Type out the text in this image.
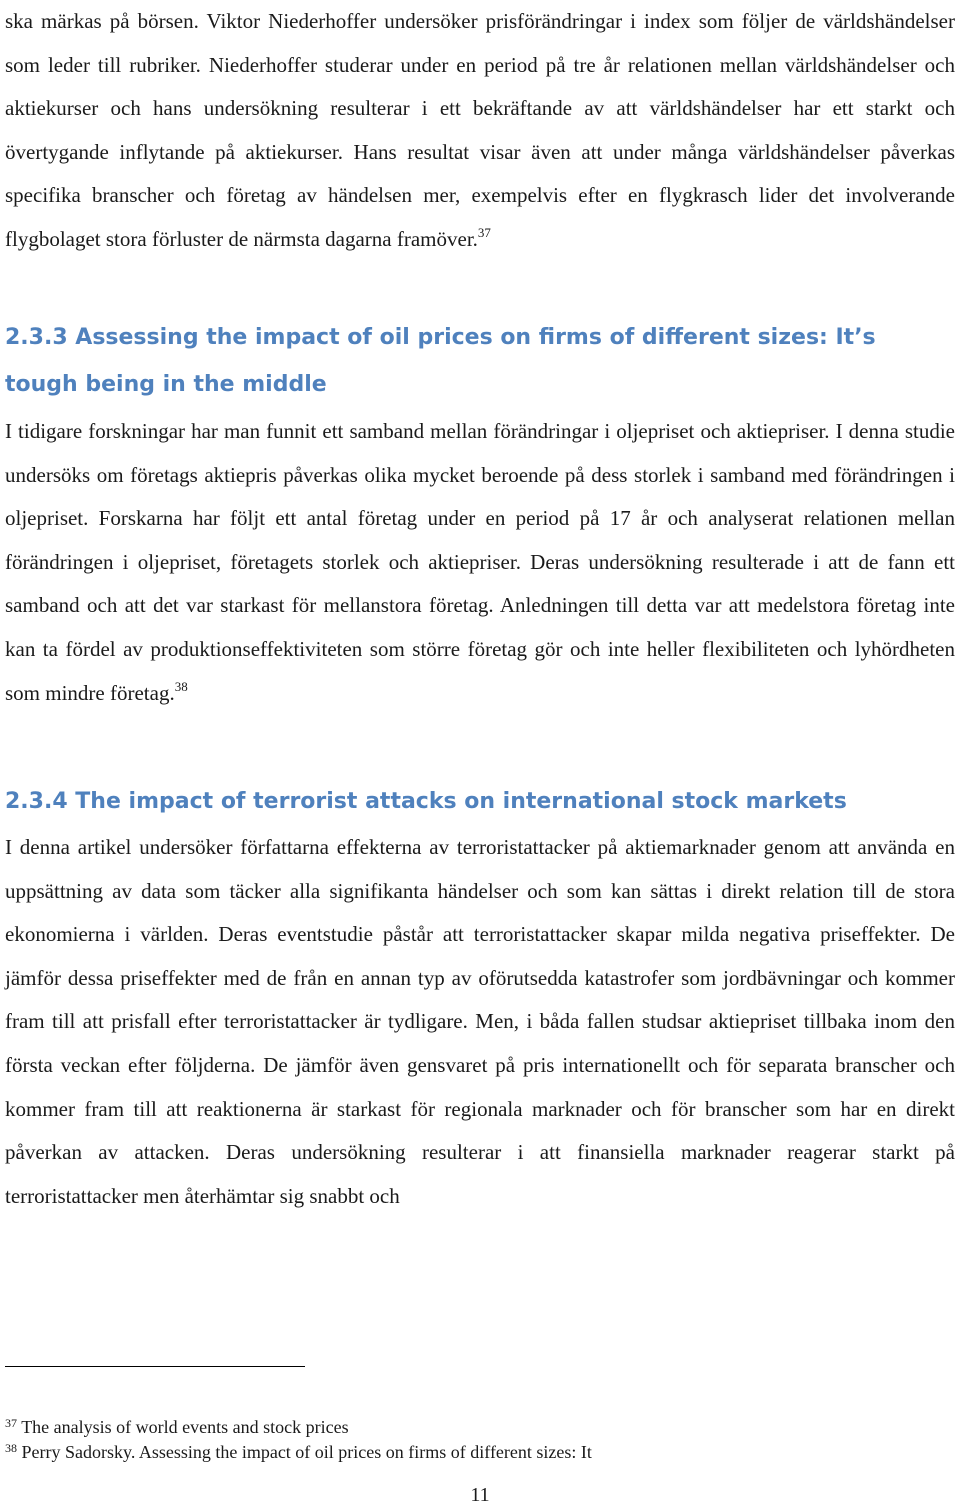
ska märkas på börsen. Viktor Niederhoffer undersöker prisförändringar i index som följer de världshändelser som leder till rubriker. Niederhoffer studerar under en period på tre år relationen mellan världshändelser och aktiekurser och hans undersökning resulterar i ett bekräftande av att världshändelser har ett starkt och övertygande inflytande på aktiekurser. Hans resultat visar även att under många världshändelser påverkas specifika branscher och företag av händelsen mer, exempelvis efter en flygkrasch lider det involverande flygbolaget stora förluster de närmsta dagarna framöver.$^{37}$

2.3.3 Assessing the impact of oil prices on firms of different sizes: It’s tough being in the middle

I tidigare forskningar har man funnit ett samband mellan förändringar i oljepriset och aktiepriser. I denna studie undersöks om företags aktiepris påverkas olika mycket beroende på dess storlek i samband med förändringen i oljepriset. Forskarna har följt ett antal företag under en period på 17 år och analyserat relationen mellan förändringen i oljepriset, företagets storlek och aktiepriser. Deras undersökning resulterade i att de fann ett samband och att det var starkast för mellanstora företag. Anledningen till detta var att medelstora företag inte kan ta fördel av produktionseffektiviteten som större företag gör och inte heller flexibiliteten och lyhördheten som mindre företag.$^{38}$

2.3.4 The impact of terrorist attacks on international stock markets

I denna artikel undersöker författarna effekterna av terroristattacker på aktiemarknader genom att använda en uppsättning av data som täcker alla signifikanta händelser och som kan sättas i direkt relation till de stora ekonomierna i världen. Deras eventstudie påstår att terroristattacker skapar milda negativa priseffekter. De jämför dessa priseffekter med de från en annan typ av oförutsedda katastrofer som jordbävningar och kommer fram till att prisfall efter terroristattacker är tydligare. Men, i båda fallen studsar aktiepriset tillbaka inom den första veckan efter följderna. De jämför även gensvaret på pris internationellt och för separata branscher och kommer fram till att reaktionerna är starkast för regionala marknader och för branscher som har en direkt påverkan av attacken. Deras undersökning resulterar i att finansiella marknader reagerar starkt på terroristattacker men återhämtar sig snabbt och

$^{37}$ The analysis of world events and stock prices

$^{38}$ Perry Sadorsky. Assessing the impact of oil prices on firms of different sizes: It

11
